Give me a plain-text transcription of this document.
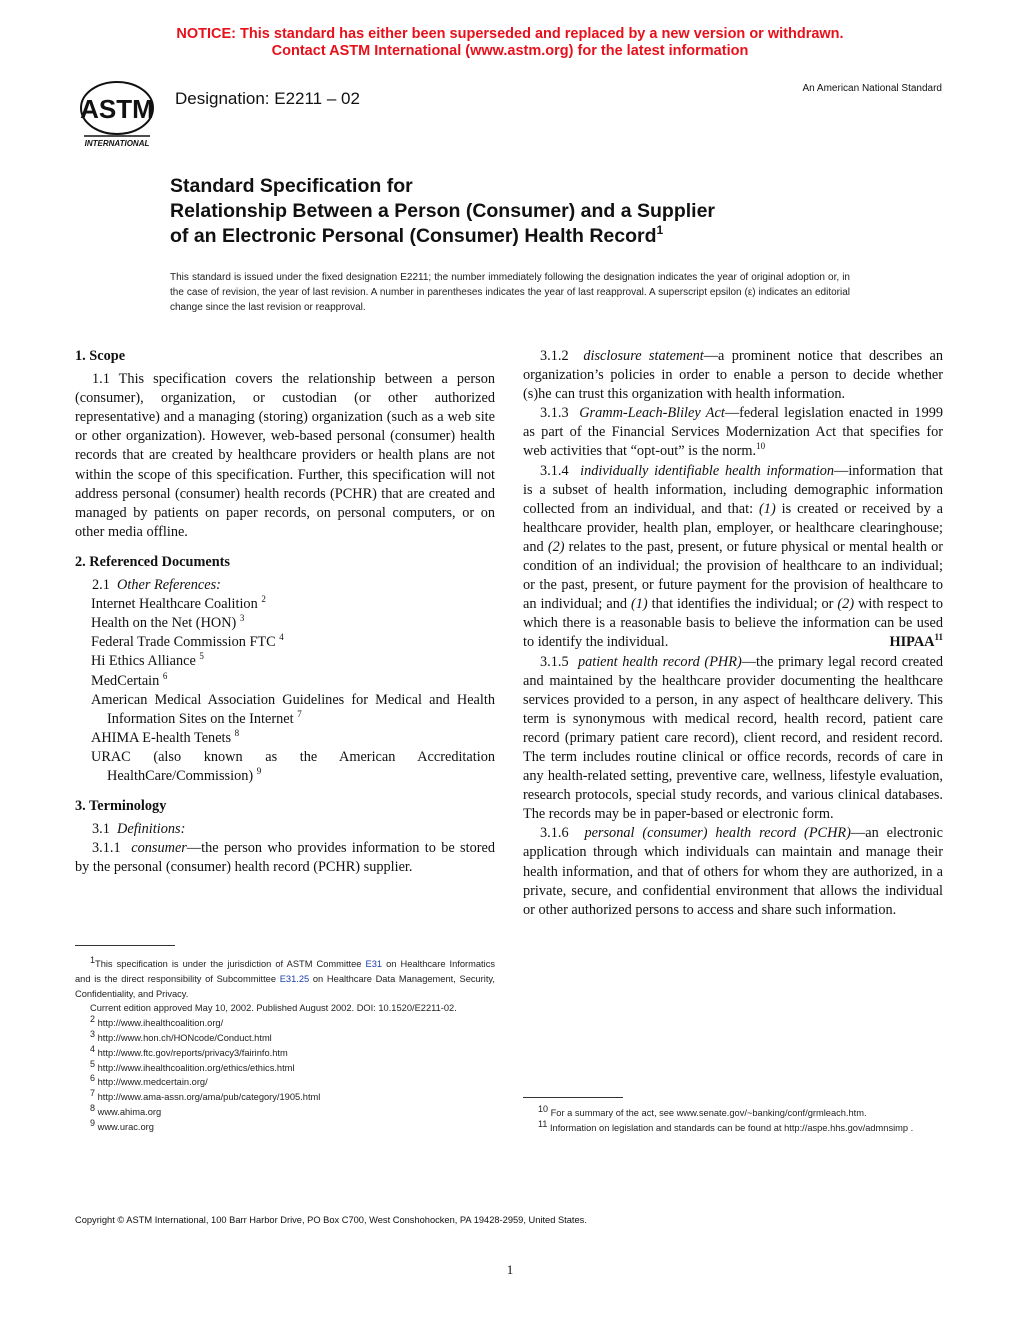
NOTICE: This standard has either been superseded and replaced by a new version or withdrawn.
Contact ASTM International (www.astm.org) for the latest information
ASTM
INTERNATIONAL
Designation: E2211 – 02
An American National Standard
Standard Specification for
Relationship Between a Person (Consumer) and a Supplier
of an Electronic Personal (Consumer) Health Record$^1$
This standard is issued under the fixed designation E2211; the number immediately following the designation indicates the year of original adoption or, in the case of revision, the year of last revision. A number in parentheses indicates the year of last reapproval. A superscript epsilon (ε) indicates an editorial change since the last revision or reapproval.
1. Scope

1.1 This specification covers the relationship between a person (consumer), organization, or custodian (or other authorized representative) and a managing (storing) organization (such as a web site or other organization). However, web-based personal (consumer) health records that are created by healthcare providers or health plans are not within the scope of this specification. Further, this specification will not address personal (consumer) health records (PCHR) that are created and managed by patients on paper records, on personal computers, or on other media offline.

2. Referenced Documents

2.1 Other References:

Internet Healthcare Coalition $^2$

Health on the Net (HON) $^3$

Federal Trade Commission FTC $^4$

Hi Ethics Alliance $^5$

MedCertain $^6$

American Medical Association Guidelines for Medical and Health Information Sites on the Internet $^7$

AHIMA E-health Tenets $^8$

URAC (also known as the American Accreditation HealthCare/Commission) $^9$

3. Terminology

3.1 Definitions:

3.1.1 consumer—the person who provides information to be stored by the personal (consumer) health record (PCHR) supplier.

3.1.2 disclosure statement—a prominent notice that describes an organization’s policies in order to enable a person to decide whether (s)he can trust this organization with health information.

3.1.3 Gramm-Leach-Bliley Act—federal legislation enacted in 1999 as part of the Financial Services Modernization Act that specifies for web activities that “opt-out” is the norm.$^{10}$

3.1.4 individually identifiable health information—information that is a subset of health information, including demographic information collected from an individual, and that: (1) is created or received by a healthcare provider, health plan, employer, or healthcare clearinghouse; and (2) relates to the past, present, or future physical or mental health or condition of an individual; the provision of healthcare to an individual; or the past, present, or future payment for the provision of healthcare to an individual; and (1) that identifies the individual; or (2) with respect to which there is a reasonable basis to believe the information can be used to identify the individual.	HIPAA$^{11}$

3.1.5 patient health record (PHR)—the primary legal record created and maintained by the healthcare provider documenting the healthcare services provided to a person, in any aspect of healthcare delivery. This term is synonymous with medical record, health record, patient care record (primary patient care record), client record, and resident record. The term includes routine clinical or office records, records of care in any health-related setting, preventive care, wellness, lifestyle evaluation, research protocols, special study records, and various clinical databases. The records may be in paper-based or electronic form.

3.1.6 personal (consumer) health record (PCHR)—an electronic application through which individuals can maintain and manage their health information, and that of others for whom they are authorized, in a private, secure, and confidential environment that allows the individual or other authorized persons to access and share such information.

$^1$This specification is under the jurisdiction of ASTM Committee E31 on Healthcare Informatics and is the direct responsibility of Subcommittee E31.25 on Healthcare Data Management, Security, Confidentiality, and Privacy.

Current edition approved May 10, 2002. Published August 2002. DOI: 10.1520/E2211-02.

$^2$ http://www.ihealthcoalition.org/

$^3$ http://www.hon.ch/HONcode/Conduct.html

$^4$ http://www.ftc.gov/reports/privacy3/fairinfo.htm

$^5$ http://www.ihealthcoalition.org/ethics/ethics.html

$^6$ http://www.medcertain.org/

$^7$ http://www.ama-assn.org/ama/pub/category/1905.html

$^8$ www.ahima.org

$^9$ www.urac.org

$^{10}$ For a summary of the act, see www.senate.gov/~banking/conf/grmleach.htm.

$^{11}$ Information on legislation and standards can be found at http://aspe.hhs.gov/admnsimp .

Copyright © ASTM International, 100 Barr Harbor Drive, PO Box C700, West Conshohocken, PA 19428-2959, United States.
1
